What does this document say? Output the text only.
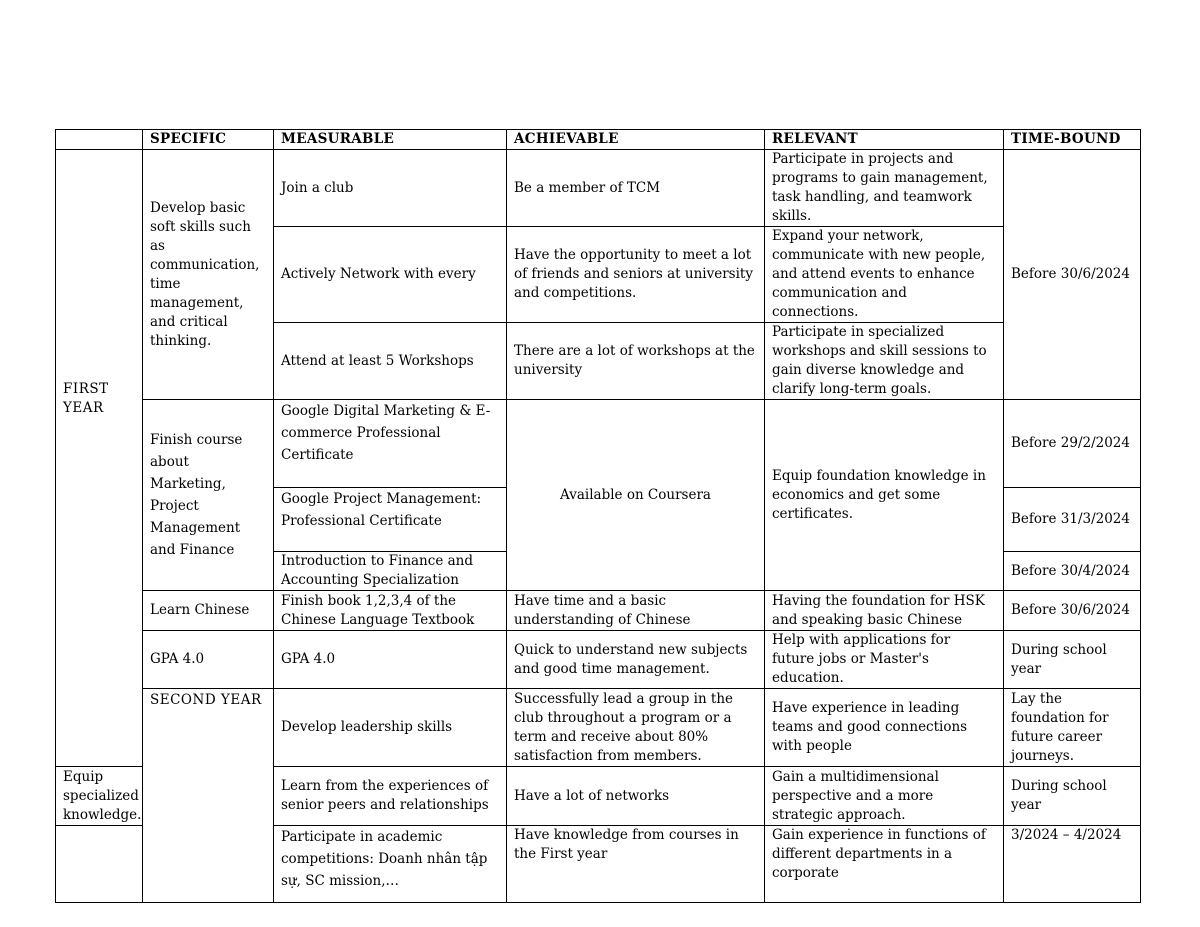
	SPECIFIC	MEASURABLE	ACHIEVABLE	RELEVANT	TIME-BOUND	
FIRST YEAR	Develop basic soft skills such as communication, time management, and critical thinking.	Join a club	Be a member of TCM	Participate in projects and programs to gain management, task handling, and teamwork skills.	Before 30/6/2024	
		Actively Network with every	Have the opportunity to meet a lot of friends and seniors at university and competitions.	Expand your network, communicate with new people, and attend events to enhance communication and connections.		
		Attend at least 5 Workshops	There are a lot of workshops at the university	Participate in specialized workshops and skill sessions to gain diverse knowledge and clarify long-term goals.		
	Finish course about Marketing, Project Management and Finance	Google Digital Marketing & E-commerce Professional Certificate	Available on Coursera	Equip foundation knowledge in economics and get some certificates.	Before 29/2/2024	
		Google Project Management: Professional Certificate			Before 31/3/2024	
		Introduction to Finance and Accounting Specialization			Before 30/4/2024	
	Learn Chinese	Finish book 1,2,3,4 of the Chinese Language Textbook	Have time and a basic understanding of Chinese	Having the foundation for HSK and speaking basic Chinese	Before 30/6/2024	
	GPA 4.0	GPA 4.0	Quick to understand new subjects and good time management.	Help with applications for future jobs or Master's education.	During school year	
	SECOND YEAR	Develop leadership skills	Successfully lead a group in the club throughout a program or a term and receive about 80% satisfaction from members.	Have experience in leading teams and good connections with people	Lay the foundation for future career journeys.	
Equip specialized knowledge.		Learn from the experiences of senior peers and relationships	Have a lot of networks	Gain a multidimensional perspective and a more strategic approach.	During school year	
		Participate in academic competitions: Doanh nhân tập sự, SC mission,…	Have knowledge from courses in the First year	Gain experience in functions of different departments in a corporate	3/2024 – 4/2024	
